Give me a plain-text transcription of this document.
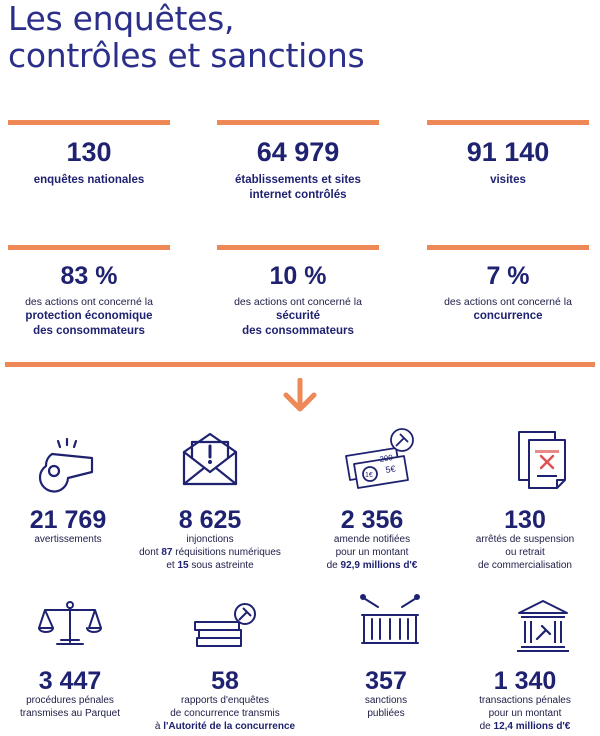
Les enquêtes,
contrôles et sanctions
130
enquêtes nationales
64 979
établissements et sites
internet contrôlés
91 140
visites
83 %
des actions ont concerné la
protection économique
des consommateurs
10 %
des actions ont concerné la
sécurité
des consommateurs
7 %
des actions ont concerné la
concurrence
200
5€
1€
21 769
avertissements
8 625
injonctions
dont 87 réquisitions numériques
et 15 sous astreinte
2 356
amende notifiées
pour un montant
de 92,9 millions d'€
130
arrêtés de suspension
ou retrait
de commercialisation
3 447
procédures pénales
transmises au Parquet
58
rapports d'enquêtes
de concurrence transmis
à l'Autorité de la concurrence
357
sanctions
publiées
1 340
transactions pénales
pour un montant
de 12,4 millions d'€
